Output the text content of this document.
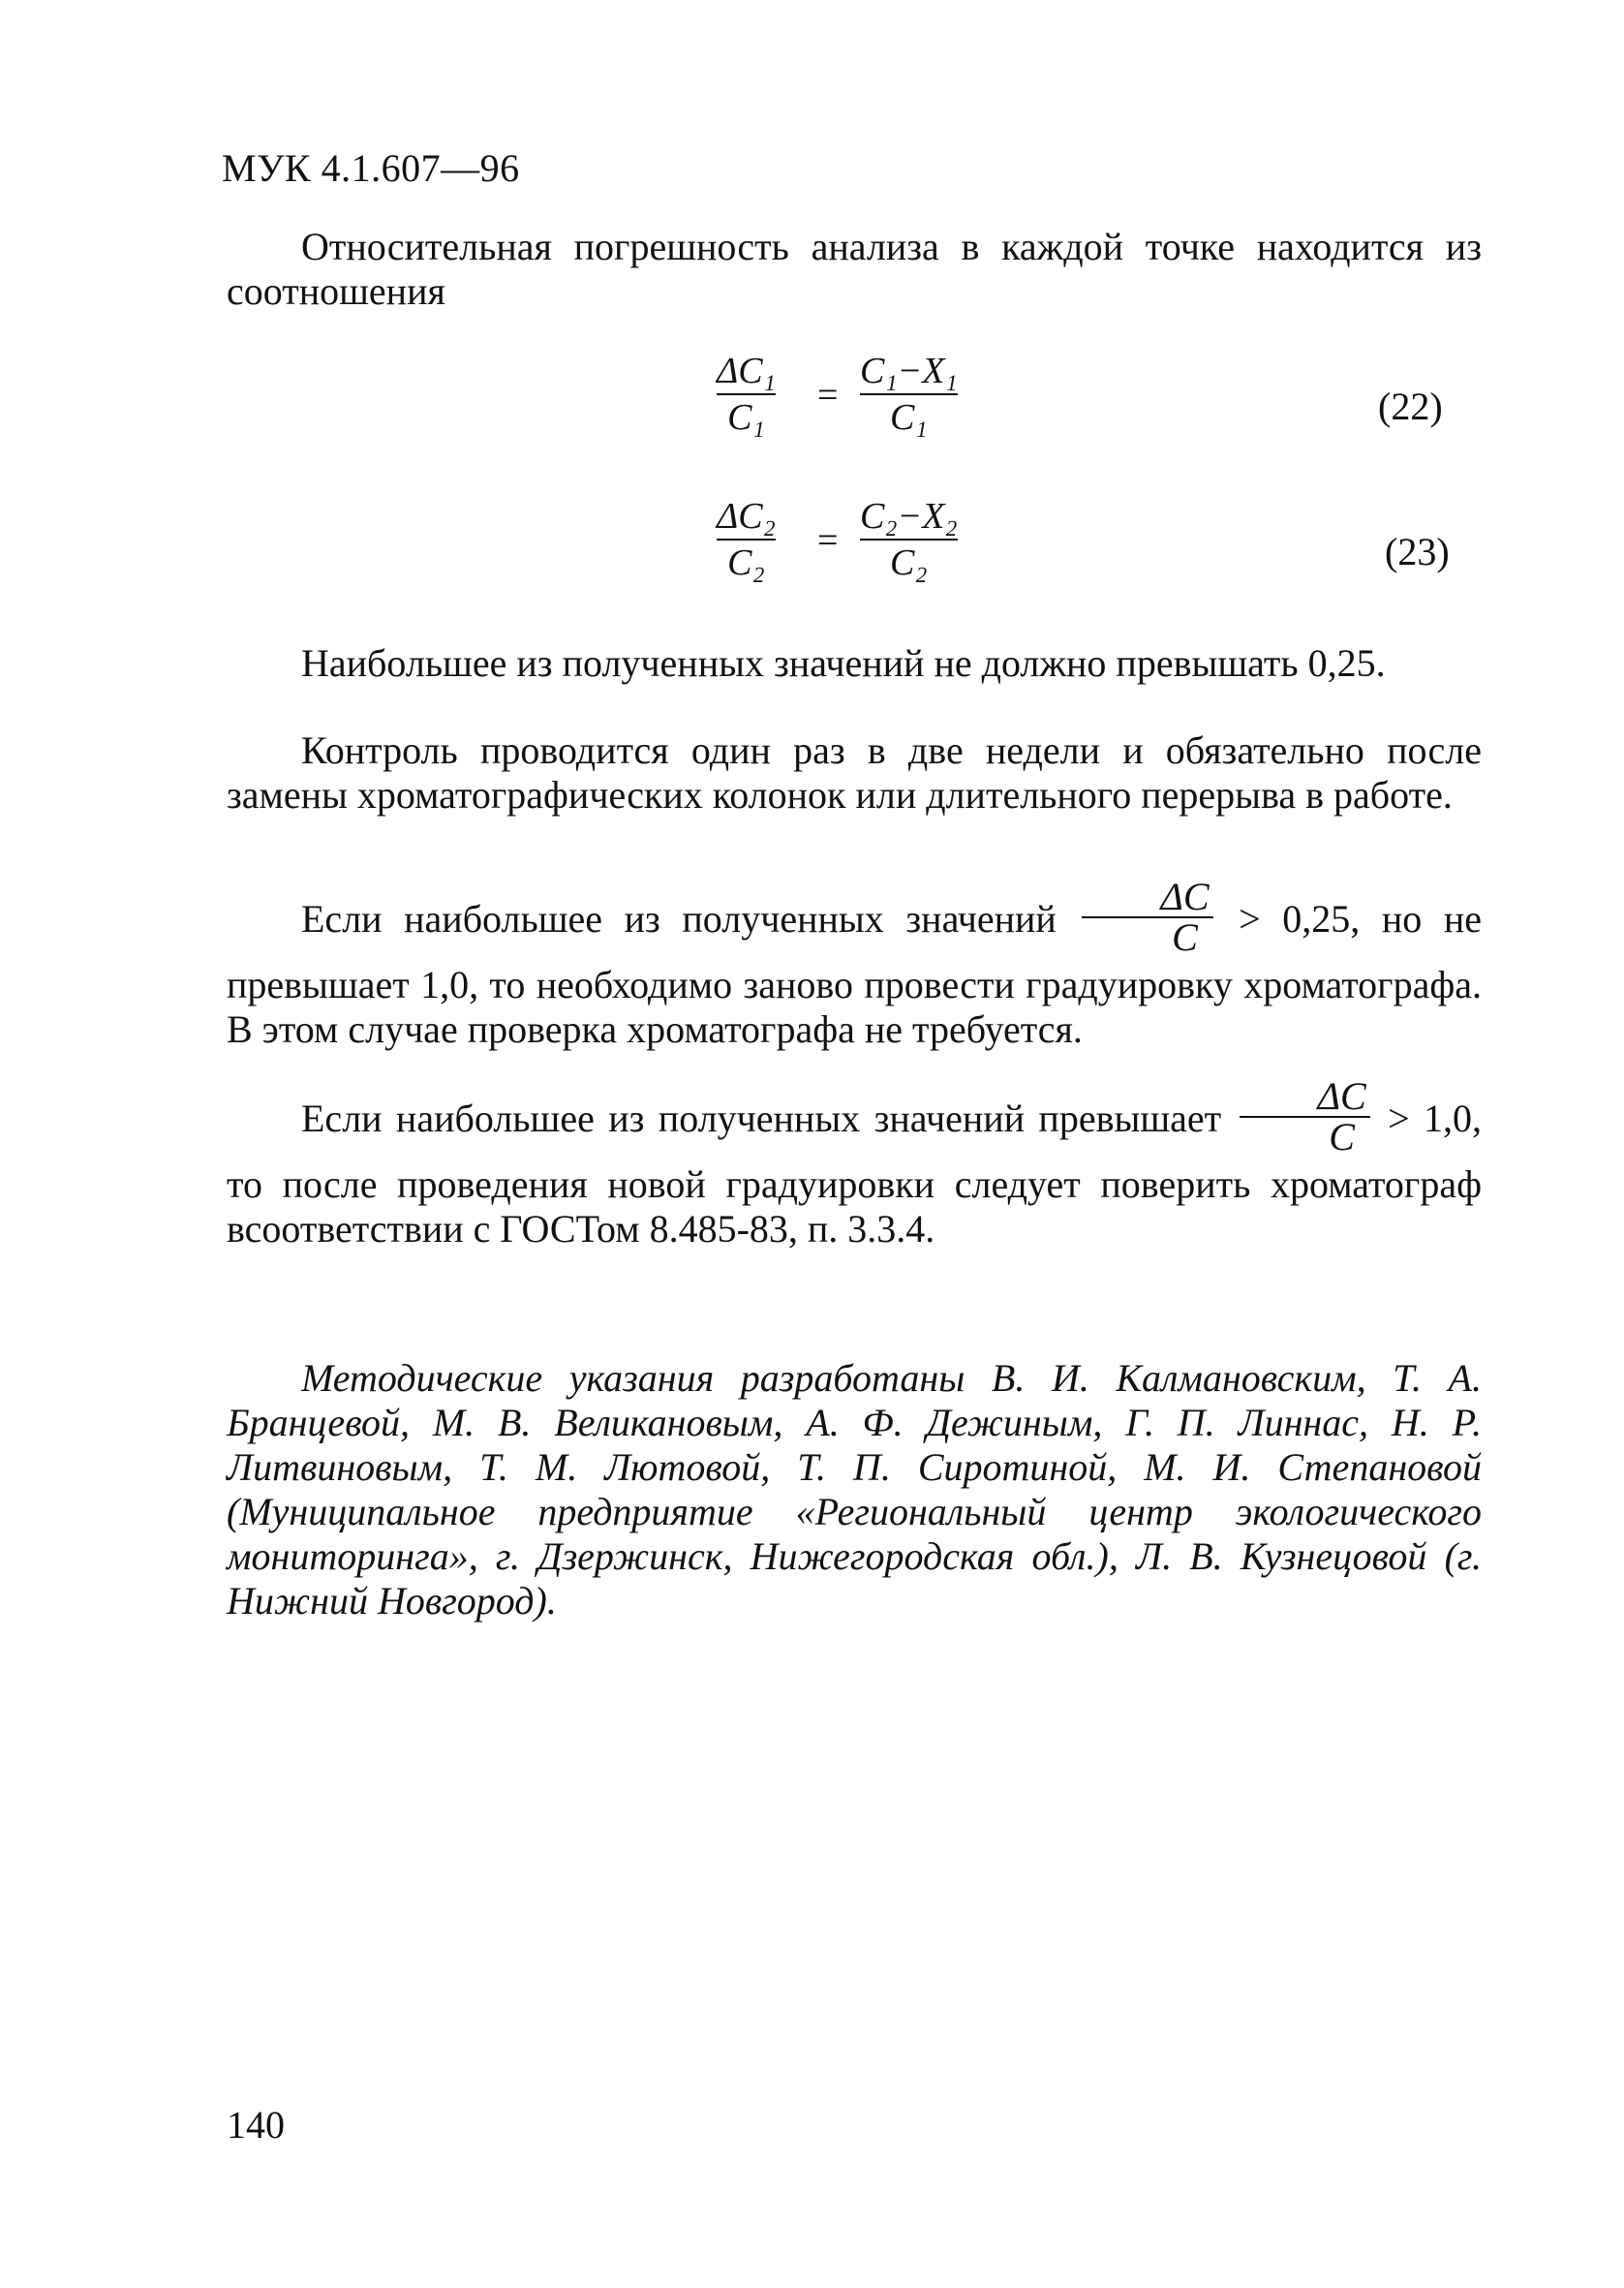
МУК 4.1.607—96
Относительная погрешность анализа в каждой точке находится из соотношения
ΔC₁
C₁
=
C₁−X₁
C₁	(22)
ΔC₂
C₂
=
C₂−X₂
C₂	(23)
Наибольшее из полученных значений не должно превышать 0,25.
Контроль проводится один раз в две недели и обязательно после замены хроматографических колонок или длительного перерыва в работе.
Если наибольшее из полученных значений $\frac{\Delta C}{C} > 0,25$, но не превышает 1,0, то необходимо заново провести градуировку хроматографа. В этом случае проверка хроматографа не требуется.
Если наибольшее из полученных значений превышает $\frac{\Delta C}{C} > 1,0$, то после проведения новой градуировки следует поверить хроматограф всоответствии с ГОСТом 8.485-83, п. 3.3.4.
Методические указания разработаны В. И. Калмановским, Т. А. Бранцевой, М. В. Великановым, А. Ф. Дежиным, Г. П. Линнас, Н. Р. Литвиновым, Т. М. Лютовой, Т. П. Сиротиной, М. И. Степановой (Муниципальное предприятие «Региональный центр экологического мониторинга», г. Дзержинск, Нижегородская обл.), Л. В. Кузнецовой (г. Нижний Новгород).
140
